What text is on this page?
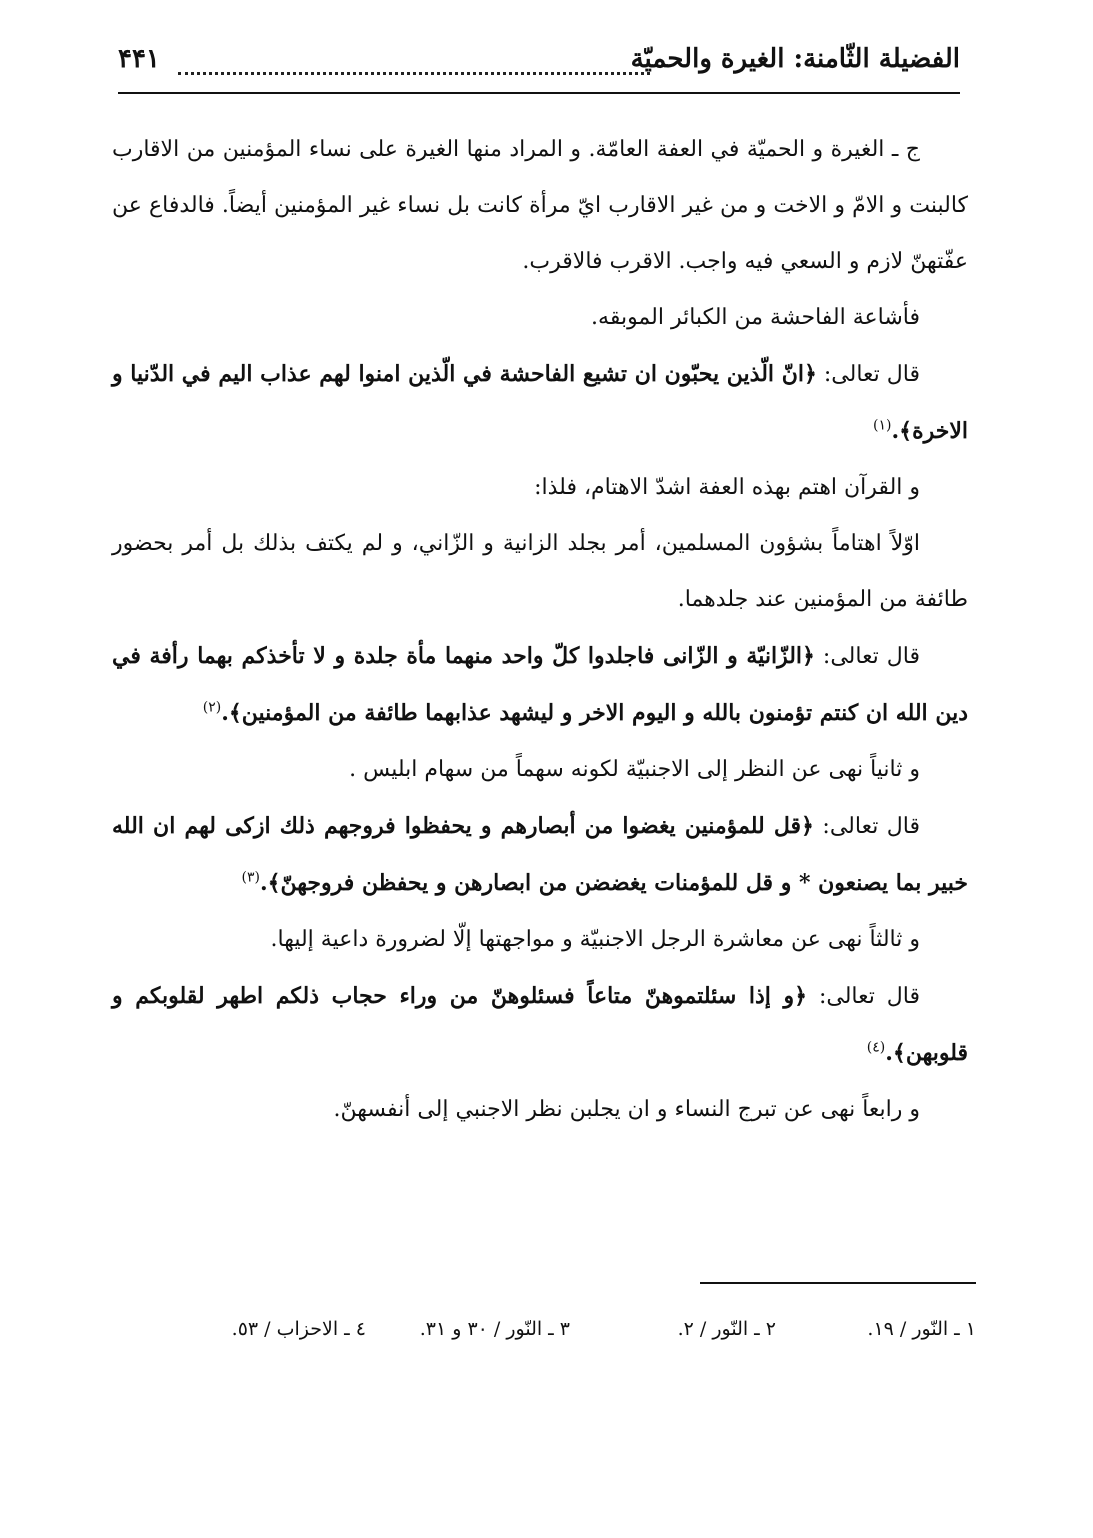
الفضيلة الثّامنة: الغيرة والحميّة
۴۴۱

ج ـ الغيرة و الحميّة في العفة العامّة. و المراد منها الغيرة على نساء المؤمنين من الاقارب كالبنت و الامّ و الاخت و من غير الاقارب ايّ مرأة كانت بل نساء غير المؤمنين أيضاً. فالدفاع عن عفّتهنّ لازم و السعي فيه واجب. الاقرب فالاقرب.

فأشاعة الفاحشة من الكبائر الموبقه.

قال تعالى: ﴿انّ الّذين يحبّون ان تشيع الفاحشة في الّذين امنوا لهم عذاب اليم في الدّنيا و الاخرة﴾.$^{(١)}$

و القرآن اهتم بهذه العفة اشدّ الاهتام، فلذا:

اوّلاً اهتاماً بشؤون المسلمين، أمر بجلد الزانية و الزّاني، و لم يكتف بذلك بل أمر بحضور طائفة من المؤمنين عند جلدهما.

قال تعالى: ﴿الزّانيّة و الزّانى فاجلدوا كلّ واحد منهما مأة جلدة و لا تأخذكم بهما رأفة في دين الله ان كنتم تؤمنون بالله و اليوم الاخر و ليشهد عذابهما طائفة من المؤمنين﴾.$^{(٢)}$

و ثانياً نهى عن النظر إلى الاجنبيّة لكونه سهماً من سهام ابليس .

قال تعالى: ﴿قل للمؤمنين يغضوا من أبصارهم و يحفظوا فروجهم ذلك ازكى لهم ان الله خبير بما يصنعون * و قل للمؤمنات يغضضن من ابصارهن و يحفظن فروجهنّ﴾.$^{(٣)}$

و ثالثاً نهى عن معاشرة الرجل الاجنبيّة و مواجهتها إلّا لضرورة داعية إليها.

قال تعالى: ﴿و إذا سئلتموهنّ متاعاً فسئلوهنّ من وراء حجاب ذلكم اطهر لقلوبكم و قلوبهن﴾.$^{(٤)}$

و رابعاً نهى عن تبرج النساء و ان يجلبن نظر الاجنبي إلى أنفسهنّ.

١ ـ النّور / ١٩.
٢ ـ النّور / ٢.
٣ ـ النّور / ٣٠ و ٣١.
٤ ـ الاحزاب / ٥٣.
